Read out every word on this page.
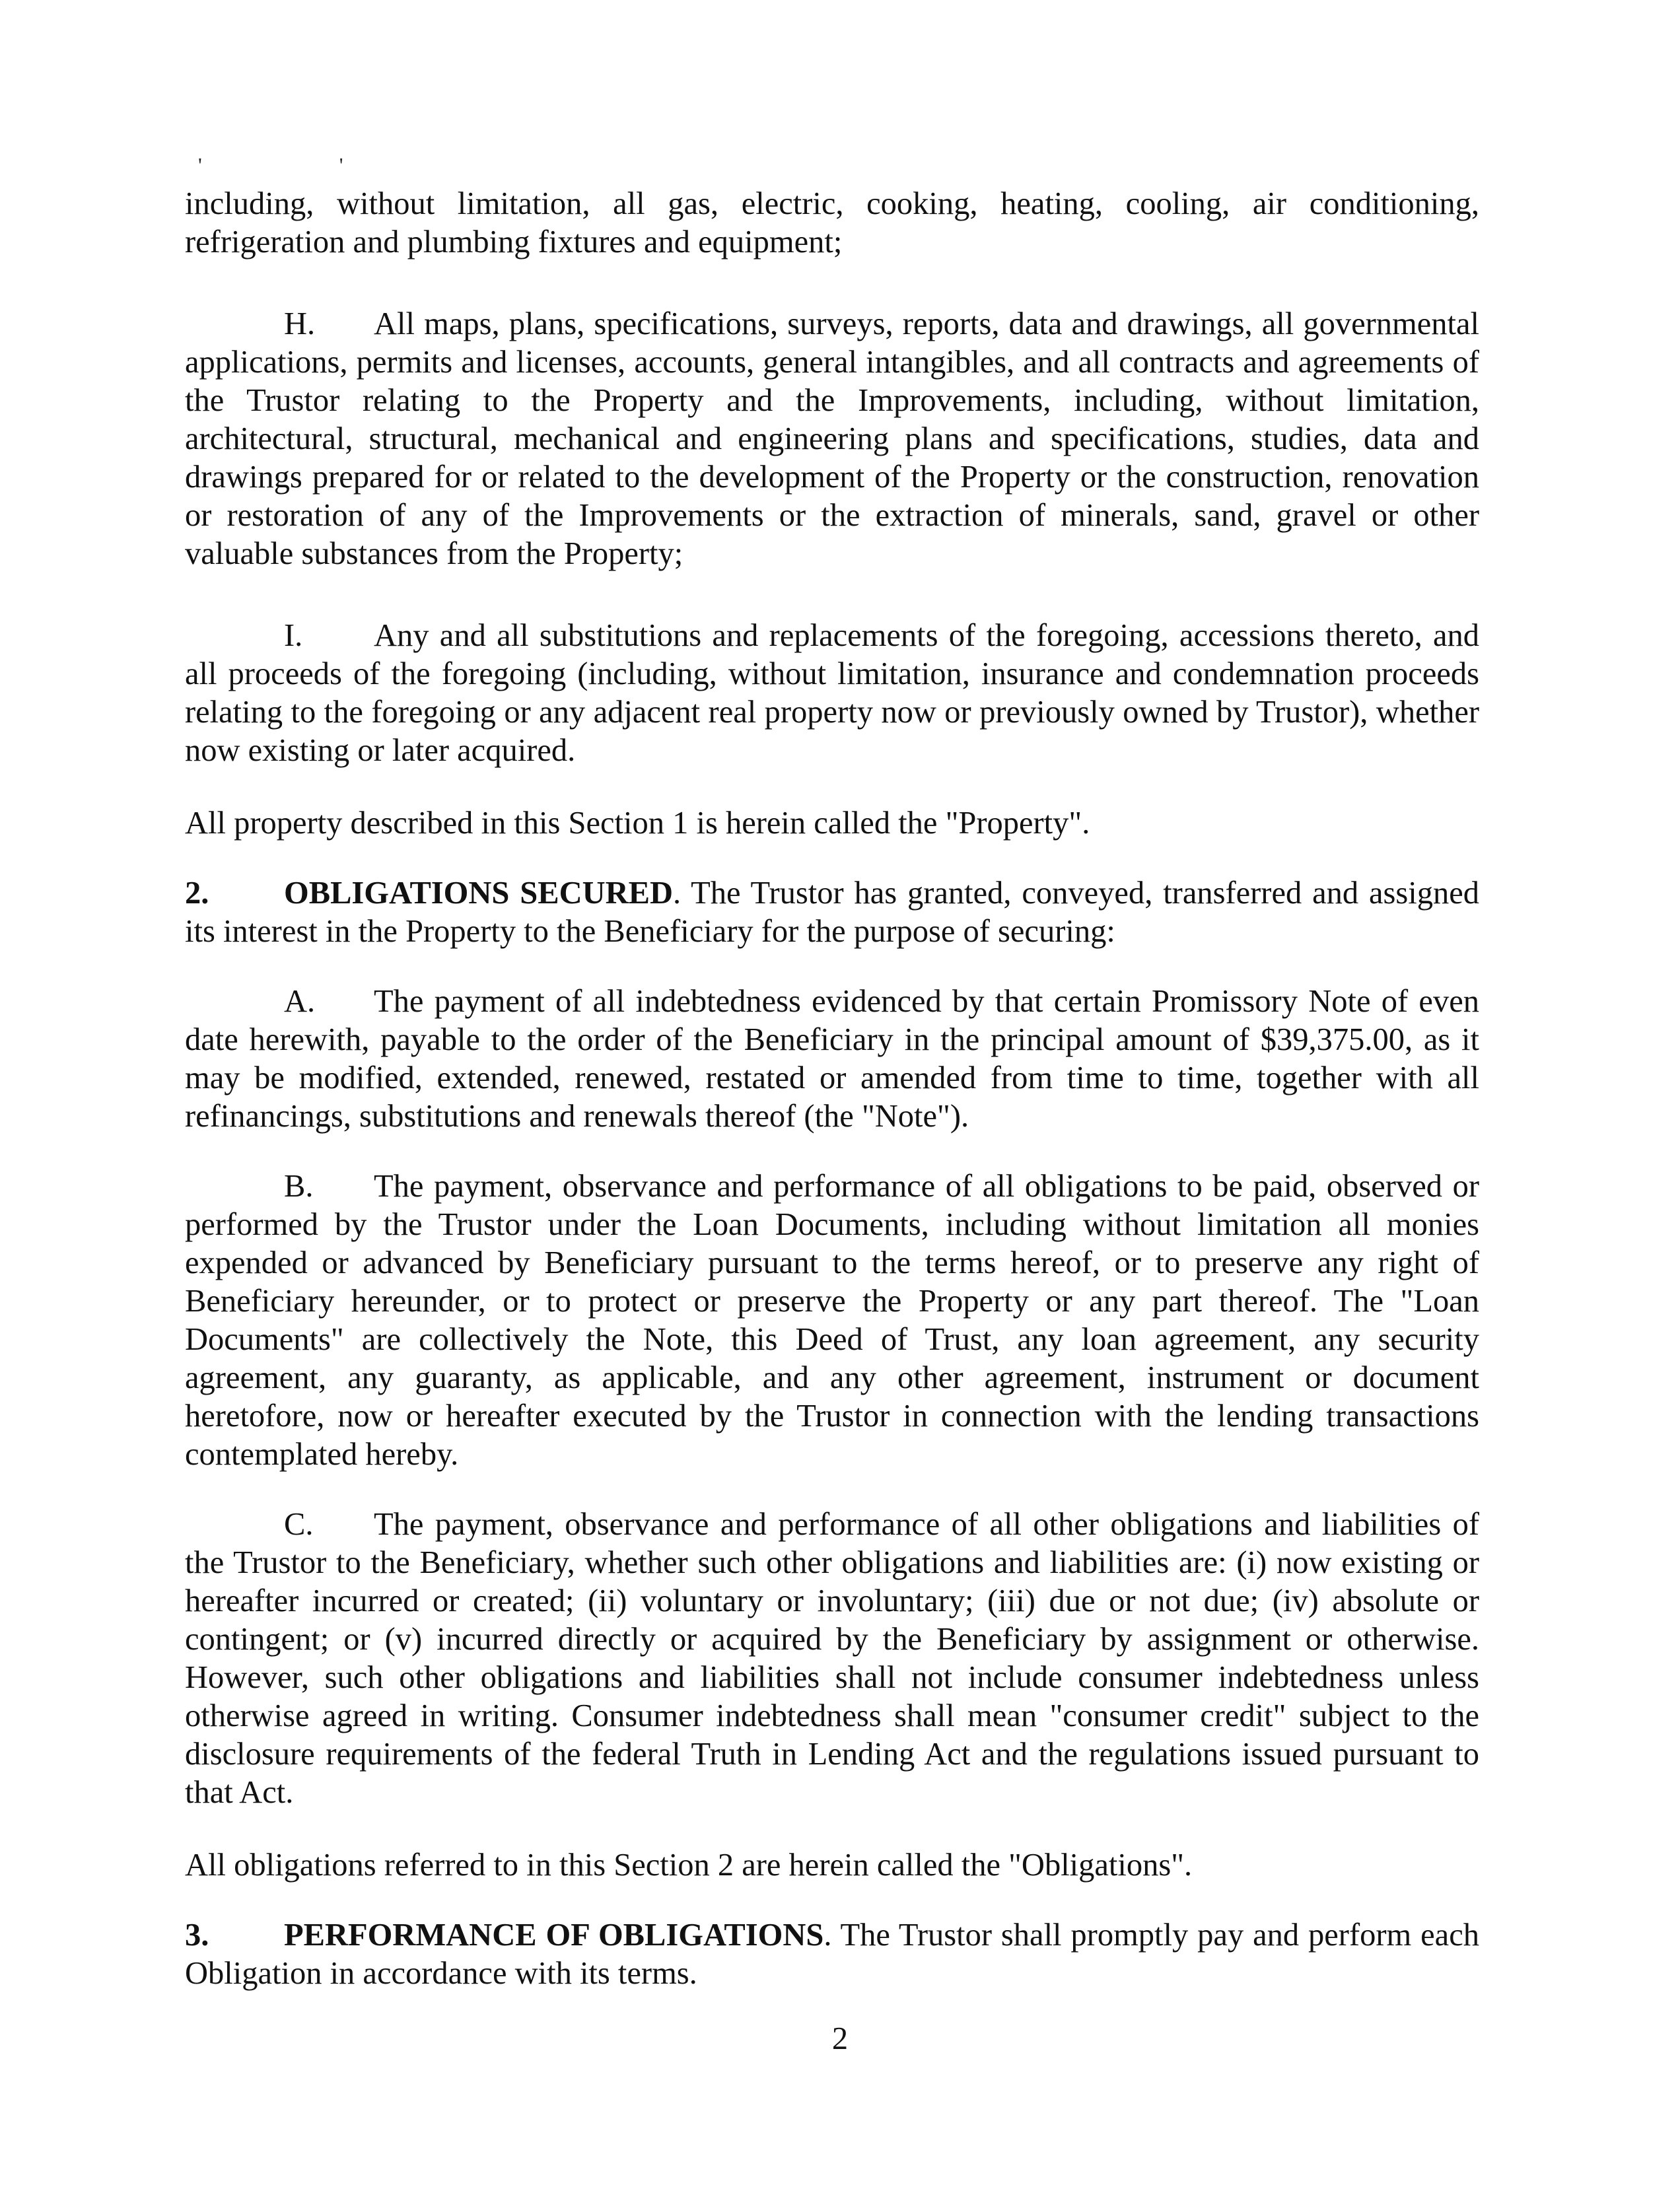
' '

including, without limitation, all gas, electric, cooking, heating, cooling, air conditioning, refrigeration and plumbing fixtures and equipment;

H. All maps, plans, specifications, surveys, reports, data and drawings, all governmental applications, permits and licenses, accounts, general intangibles, and all contracts and agreements of the Trustor relating to the Property and the Improvements, including, without limitation, architectural, structural, mechanical and engineering plans and specifications, studies, data and drawings prepared for or related to the development of the Property or the construction, renovation or restoration of any of the Improvements or the extraction of minerals, sand, gravel or other valuable substances from the Property;

I. Any and all substitutions and replacements of the foregoing, accessions thereto, and all proceeds of the foregoing (including, without limitation, insurance and condemnation proceeds relating to the foregoing or any adjacent real property now or previously owned by Trustor), whether now existing or later acquired.

All property described in this Section 1 is herein called the "Property".

2. OBLIGATIONS SECURED. The Trustor has granted, conveyed, transferred and assigned its interest in the Property to the Beneficiary for the purpose of securing:

A. The payment of all indebtedness evidenced by that certain Promissory Note of even date herewith, payable to the order of the Beneficiary in the principal amount of $39,375.00, as it may be modified, extended, renewed, restated or amended from time to time, together with all refinancings, substitutions and renewals thereof (the "Note").

B. The payment, observance and performance of all obligations to be paid, observed or performed by the Trustor under the Loan Documents, including without limitation all monies expended or advanced by Beneficiary pursuant to the terms hereof, or to preserve any right of Beneficiary hereunder, or to protect or preserve the Property or any part thereof. The "Loan Documents" are collectively the Note, this Deed of Trust, any loan agreement, any security agreement, any guaranty, as applicable, and any other agreement, instrument or document heretofore, now or hereafter executed by the Trustor in connection with the lending transactions contemplated hereby.

C. The payment, observance and performance of all other obligations and liabilities of the Trustor to the Beneficiary, whether such other obligations and liabilities are: (i) now existing or hereafter incurred or created; (ii) voluntary or involuntary; (iii) due or not due; (iv) absolute or contingent; or (v) incurred directly or acquired by the Beneficiary by assignment or otherwise. However, such other obligations and liabilities shall not include consumer indebtedness unless otherwise agreed in writing. Consumer indebtedness shall mean "consumer credit" subject to the disclosure requirements of the federal Truth in Lending Act and the regulations issued pursuant to that Act.

All obligations referred to in this Section 2 are herein called the "Obligations".

3. PERFORMANCE OF OBLIGATIONS. The Trustor shall promptly pay and perform each Obligation in accordance with its terms.

2
